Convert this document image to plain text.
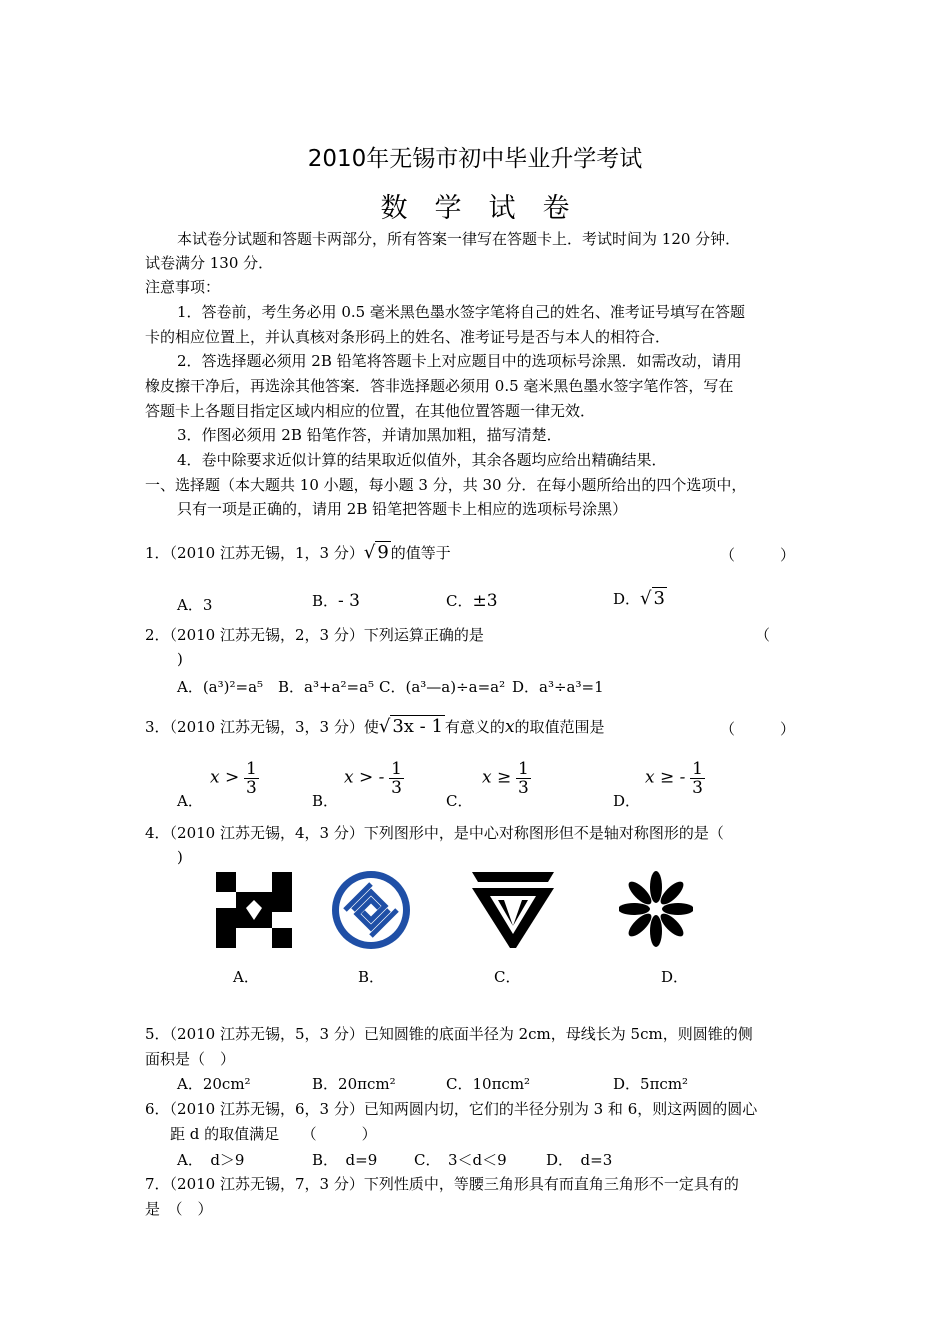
2010年无锡市初中毕业升学考试
数　学　试　卷
本试卷分试题和答题卡两部分，所有答案一律写在答题卡上．考试时间为 120 分钟．
试卷满分 130 分．
注意事项：
1．答卷前，考生务必用 0.5 毫米黑色墨水签字笔将自己的姓名、准考证号填写在答题
卡的相应位置上，并认真核对条形码上的姓名、准考证号是否与本人的相符合．
2．答选择题必须用 2B 铅笔将答题卡上对应题目中的选项标号涂黑．如需改动，请用
橡皮擦干净后，再选涂其他答案．答非选择题必须用 0.5 毫米黑色墨水签字笔作答，写在
答题卡上各题目指定区域内相应的位置，在其他位置答题一律无效．
3．作图必须用 2B 铅笔作答，并请加黑加粗，描写清楚．
4．卷中除要求近似计算的结果取近似值外，其余各题均应给出精确结果．
一、选择题（本大题共 10 小题，每小题 3 分，共 30 分．在每小题所给出的四个选项中，
只有一项是正确的，请用 2B 铅笔把答题卡上相应的选项标号涂黑）
1．（2010 江苏无锡，1，3 分）√ 9 的值等于	（　　　）
A．3	B．- 3	C．±3	D．√ 3
2．（2010 江苏无锡，2，3 分）下列运算正确的是	（
)
A．(a³)²=a⁵ B．a³+a²=a⁵ C．(a³—a)÷a=a² D．a³÷a³=1
3．（2010 江苏无锡，3，3 分）使√ 3x - 1 有意义的x的取值范围是	（　　　）
A．
$x > \frac{1}{3}$
B．
x > - $\frac{1}{3}$
C．
$x \ge \frac{1}{3}$
D．
x ≥ - $\frac{1}{3}$
4．（2010 江苏无锡，4，3 分）下列图形中，是中心对称图形但不是轴对称图形的是（
)
A．	B．	C．	D．
5．（2010 江苏无锡，5，3 分）已知圆锥的底面半径为 2cm，母线长为 5cm，则圆锥的侧
面积是（　）
A．20cm²	B．20πcm²	C．10πcm²	D．5πcm²
6．（2010 江苏无锡，6，3 分）已知两圆内切，它们的半径分别为 3 和 6，则这两圆的圆心
距 d 的取值满足　　（　　　）
A．　d＞9	B．　d=9 C．　3＜d＜9	D．　d=3
7．（2010 江苏无锡，7，3 分）下列性质中，等腰三角形具有而直角三角形不一定具有的
是　（　）
